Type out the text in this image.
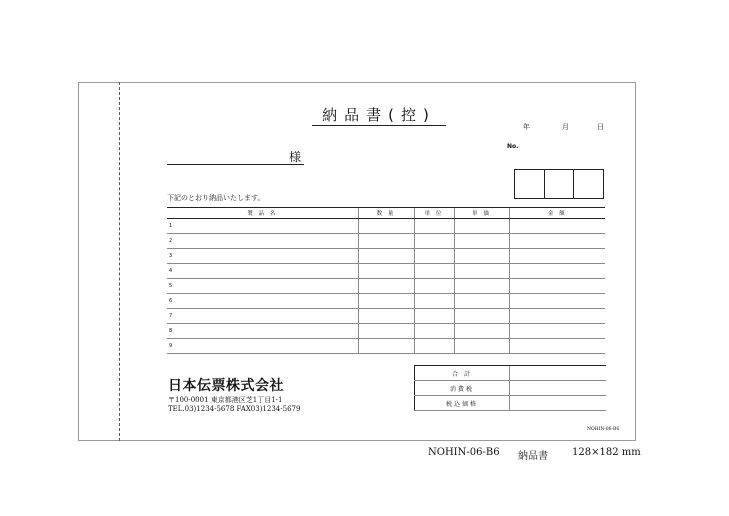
納品書(控)
年	月	日
No.
様
下記のとおり納品いたします。
製 品 名	数 量	単 位	単 価	金 額
1				
2				
3				
4				
5				
6				
7				
8				
9				
合 計	
消費税	
税込価格	
日本伝票株式会社
〒100-0001 東京都港区芝1丁目1-1
TEL.03)1234-5678 FAX03)1234-5679
NOHIN-06-B6
NOHIN-06-B6 納品書 128×182 mm
